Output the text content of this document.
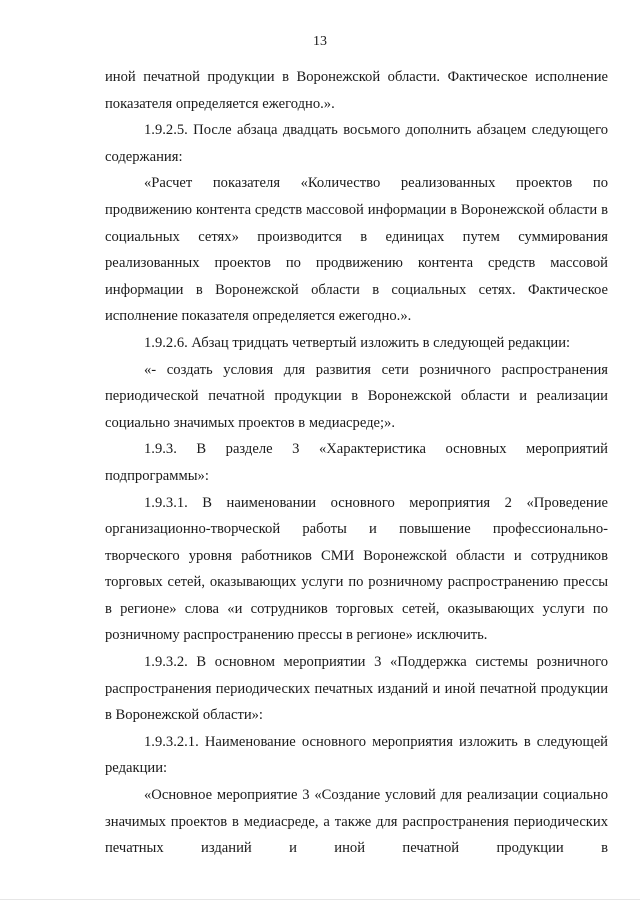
13

иной печатной продукции в Воронежской области. Фактическое исполнение показателя определяется ежегодно.».

1.9.2.5. После абзаца двадцать восьмого дополнить абзацем следующего содержания:

«Расчет показателя «Количество реализованных проектов по продвижению контента средств массовой информации в Воронежской области в социальных сетях» производится в единицах путем суммирования реализованных проектов по продвижению контента средств массовой информации в Воронежской области в социальных сетях. Фактическое исполнение показателя определяется ежегодно.».

1.9.2.6. Абзац тридцать четвертый изложить в следующей редакции:

«- создать условия для развития сети розничного распространения периодической печатной продукции в Воронежской области и реализации социально значимых проектов в медиасреде;».

1.9.3. В разделе 3 «Характеристика основных мероприятий подпрограммы»:

1.9.3.1. В наименовании основного мероприятия 2 «Проведение организационно-творческой работы и повышение профессионально-творческого уровня работников СМИ Воронежской области и сотрудников торговых сетей, оказывающих услуги по розничному распространению прессы в регионе» слова «и сотрудников торговых сетей, оказывающих услуги по розничному распространению прессы в регионе» исключить.

1.9.3.2. В основном мероприятии 3 «Поддержка системы розничного распространения периодических печатных изданий и иной печатной продукции в Воронежской области»:

1.9.3.2.1. Наименование основного мероприятия изложить в следующей редакции:

«Основное мероприятие 3 «Создание условий для реализации социально значимых проектов в медиасреде, а также для распространения периодических печатных изданий и иной печатной продукции в
